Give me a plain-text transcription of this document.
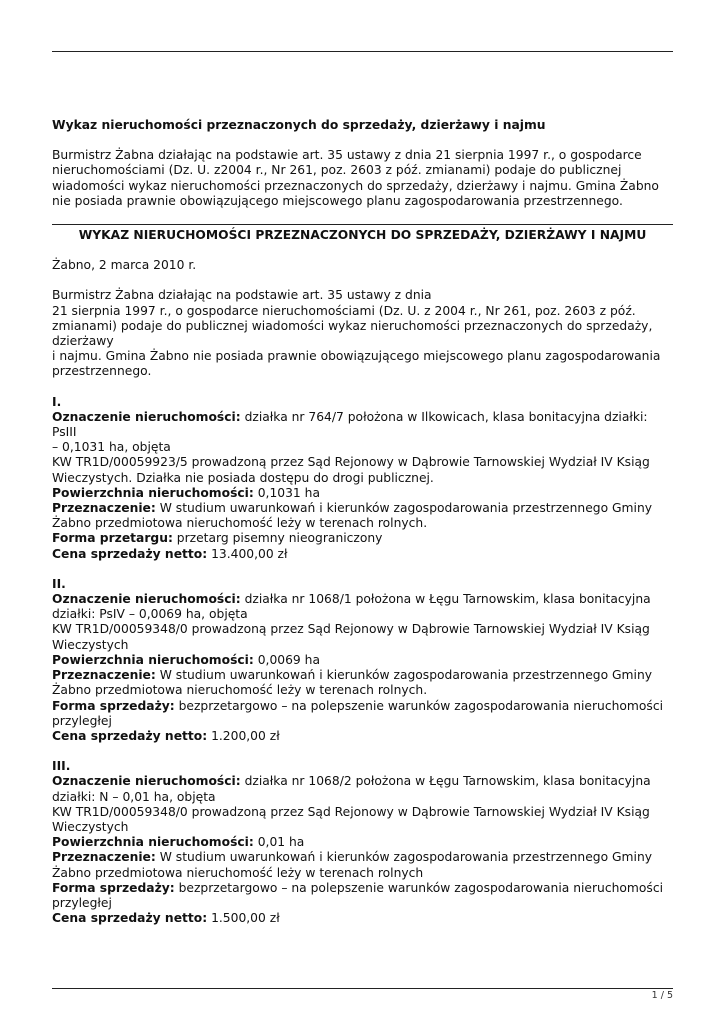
Wykaz nieruchomości przeznaczonych do sprzedaży, dzierżawy i najmu
Burmistrz Żabna działając na podstawie art. 35 ustawy z dnia 21 sierpnia 1997 r., o gospodarce
nieruchomościami (Dz. U. z2004 r., Nr 261, poz. 2603 z póź. zmianami) podaje do publicznej
wiadomości wykaz nieruchomości przeznaczonych do sprzedaży, dzierżawy i najmu. Gmina Żabno
nie posiada prawnie obowiązującego miejscowego planu zagospodarowania przestrzennego.
WYKAZ NIERUCHOMOŚCI PRZEZNACZONYCH DO SPRZEDAŻY, DZIERŻAWY I NAJMU
Żabno, 2 marca 2010 r.
Burmistrz Żabna działając na podstawie art. 35 ustawy z dnia
21 sierpnia 1997 r., o gospodarce nieruchomościami (Dz. U. z 2004 r., Nr 261, poz. 2603 z póź.
zmianami) podaje do publicznej wiadomości wykaz nieruchomości przeznaczonych do sprzedaży,
dzierżawy
i najmu. Gmina Żabno nie posiada prawnie obowiązującego miejscowego planu zagospodarowania
przestrzennego.
I.
Oznaczenie nieruchomości: działka nr 764/7 położona w Ilkowicach, klasa bonitacyjna działki: PsIII
– 0,1031 ha, objęta
KW TR1D/00059923/5 prowadzoną przez Sąd Rejonowy w Dąbrowie Tarnowskiej Wydział IV Ksiąg
Wieczystych. Działka nie posiada dostępu do drogi publicznej.
Powierzchnia nieruchomości: 0,1031 ha
Przeznaczenie: W studium uwarunkowań i kierunków zagospodarowania przestrzennego Gminy
Żabno przedmiotowa nieruchomość leży w terenach rolnych.
Forma przetargu: przetarg pisemny nieograniczony
Cena sprzedaży netto: 13.400,00 zł
II.
Oznaczenie nieruchomości: działka nr 1068/1 położona w Łęgu Tarnowskim, klasa bonitacyjna
działki: PsIV – 0,0069 ha, objęta
KW TR1D/00059348/0 prowadzoną przez Sąd Rejonowy w Dąbrowie Tarnowskiej Wydział IV Ksiąg
Wieczystych
Powierzchnia nieruchomości: 0,0069 ha
Przeznaczenie: W studium uwarunkowań i kierunków zagospodarowania przestrzennego Gminy
Żabno przedmiotowa nieruchomość leży w terenach rolnych.
Forma sprzedaży: bezprzetargowo – na polepszenie warunków zagospodarowania nieruchomości
przyległej
Cena sprzedaży netto: 1.200,00 zł
III.
Oznaczenie nieruchomości: działka nr 1068/2 położona w Łęgu Tarnowskim, klasa bonitacyjna
działki: N – 0,01 ha, objęta
KW TR1D/00059348/0 prowadzoną przez Sąd Rejonowy w Dąbrowie Tarnowskiej Wydział IV Ksiąg
Wieczystych
Powierzchnia nieruchomości: 0,01 ha
Przeznaczenie: W studium uwarunkowań i kierunków zagospodarowania przestrzennego Gminy
Żabno przedmiotowa nieruchomość leży w terenach rolnych
Forma sprzedaży: bezprzetargowo – na polepszenie warunków zagospodarowania nieruchomości
przyległej
Cena sprzedaży netto: 1.500,00 zł
1 / 5
